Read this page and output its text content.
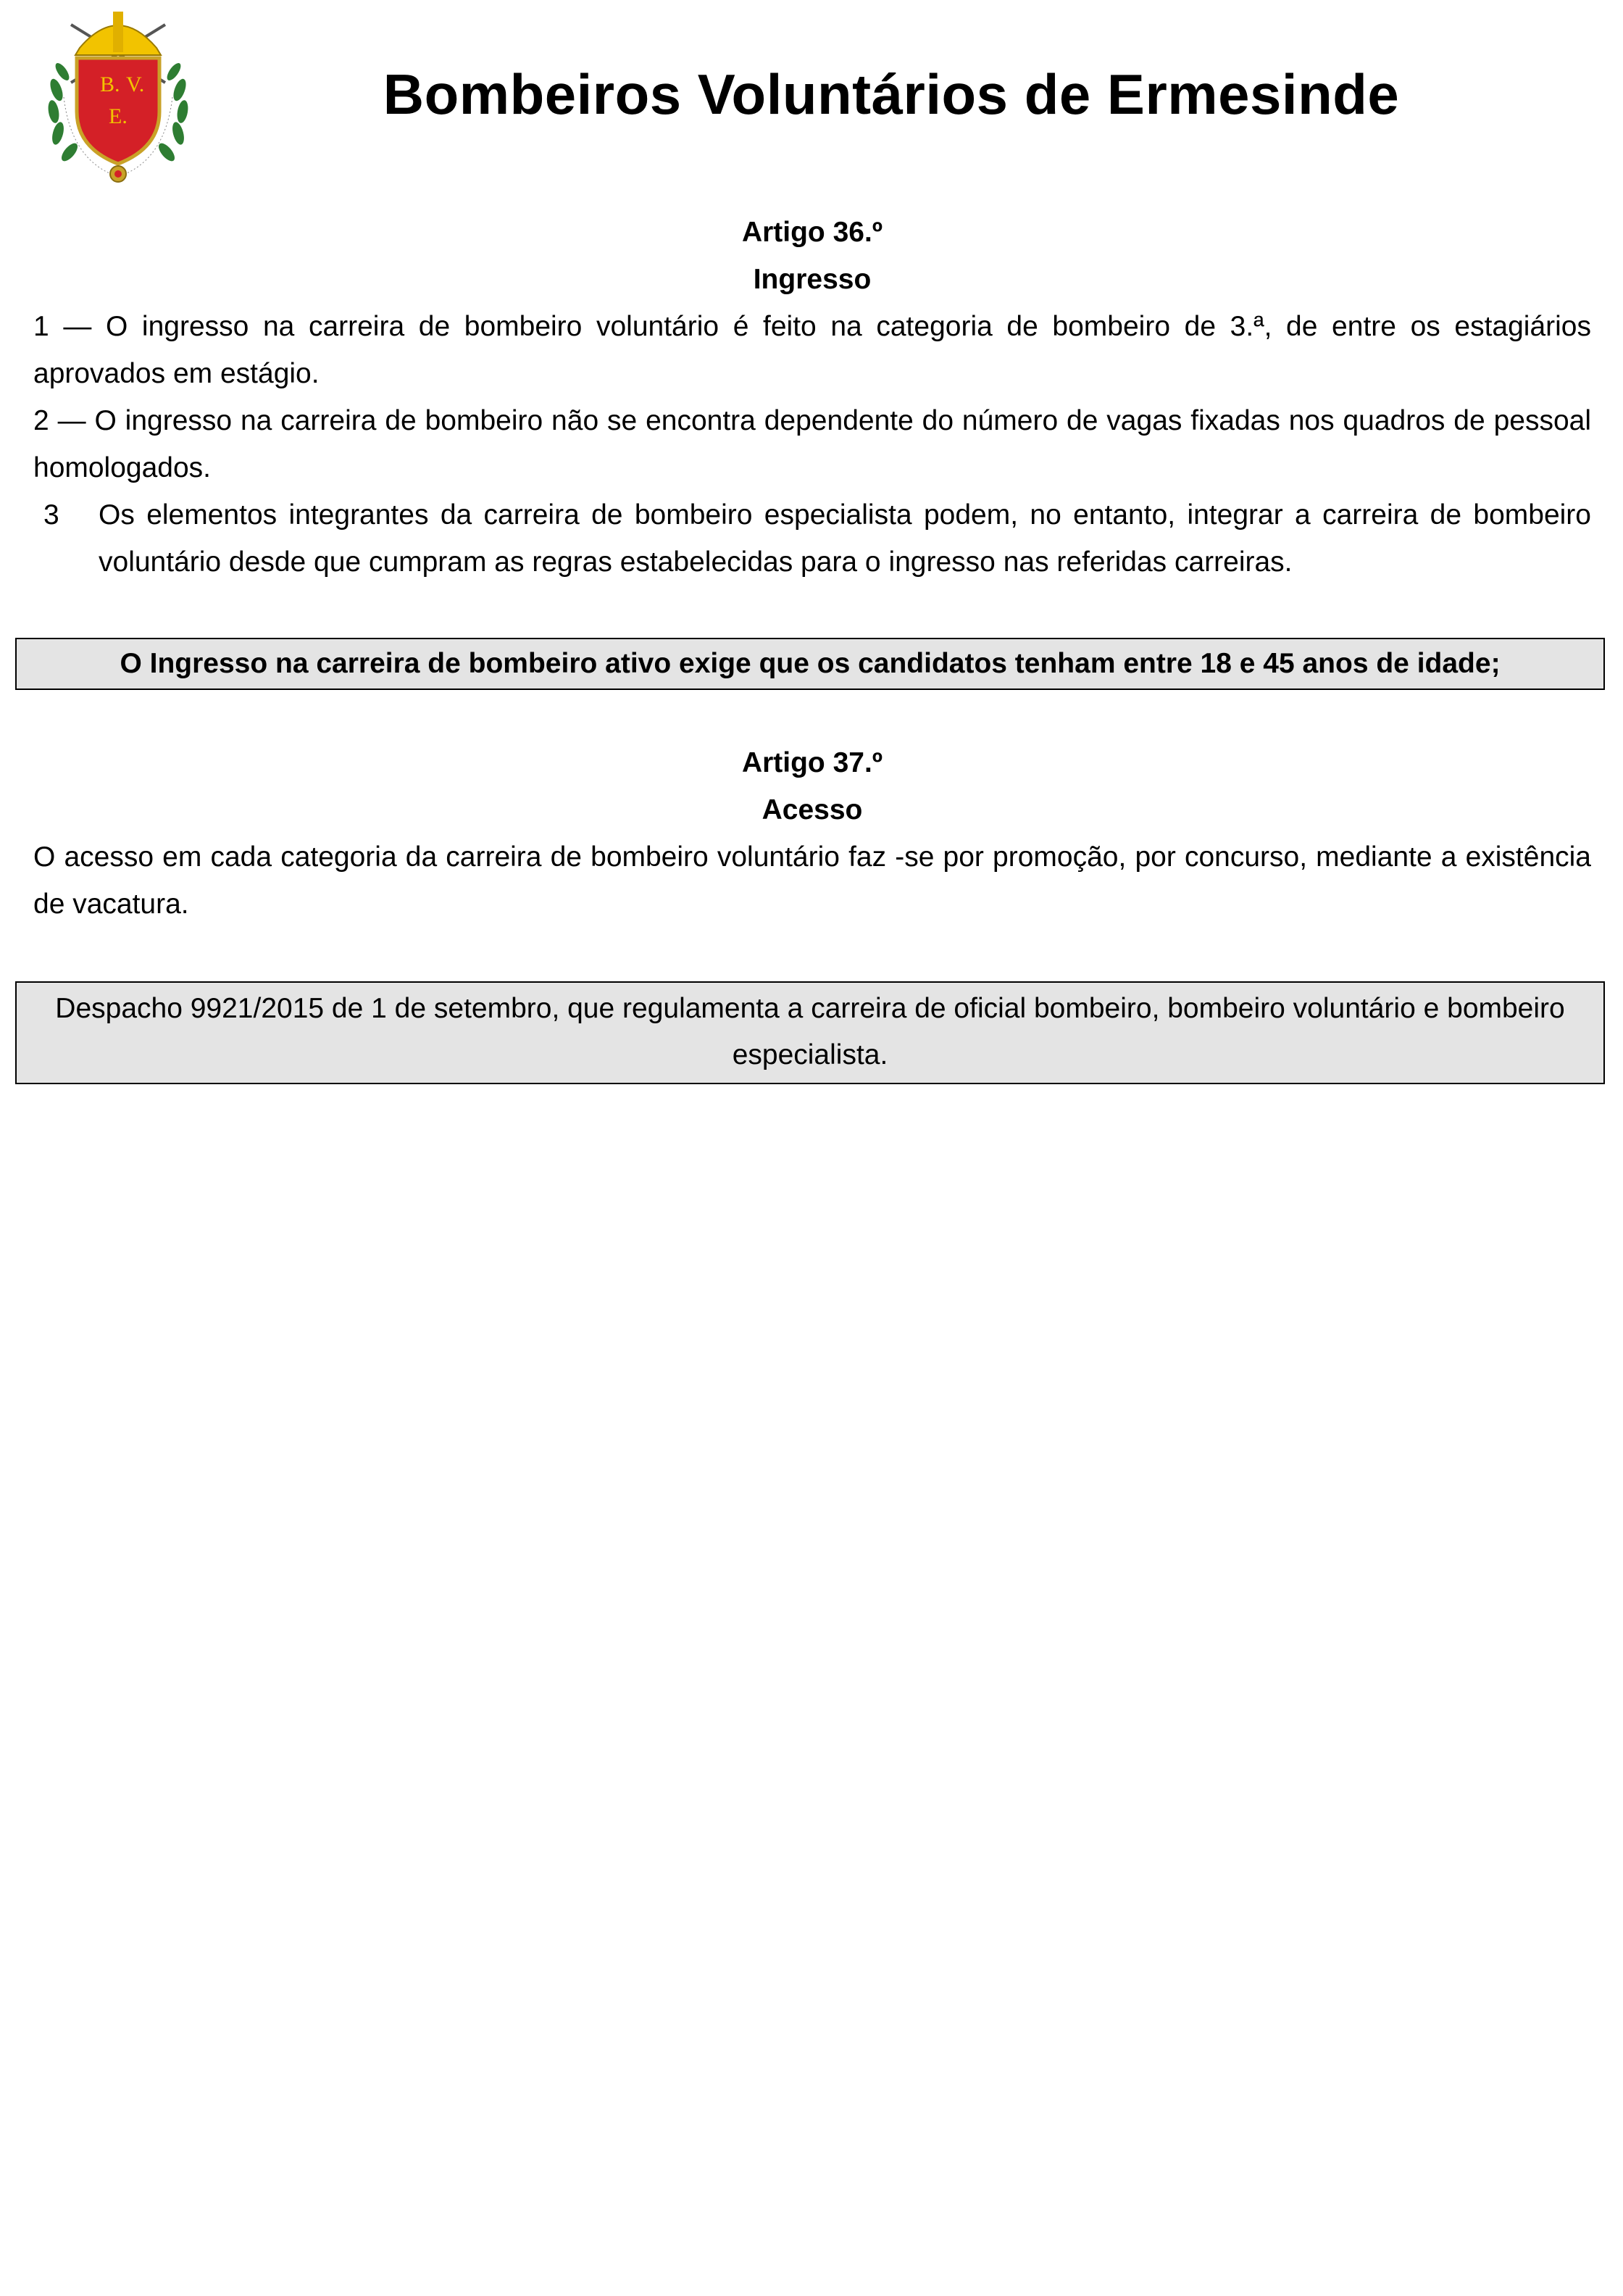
B. V.
E.	Bombeiros Voluntários de Ermesinde

Artigo 36.º

Ingresso

1 — O ingresso na carreira de bombeiro voluntário é feito na categoria de bombeiro de 3.ª, de entre os estagiários aprovados em estágio.

2 — O ingresso na carreira de bombeiro não se encontra dependente do número de vagas fixadas nos quadros de pessoal homologados.

3	Os elementos integrantes da carreira de bombeiro especialista podem, no entanto, integrar a carreira de bombeiro voluntário desde que cumpram as regras estabelecidas para o ingresso nas referidas carreiras.
O Ingresso na carreira de bombeiro ativo exige que os candidatos tenham entre 18 e 45 anos de idade;

Artigo 37.º

Acesso

O acesso em cada categoria da carreira de bombeiro voluntário faz -se por promoção, por concurso, mediante a existência de vacatura.

Despacho 9921/2015 de 1 de setembro, que regulamenta a carreira de oficial bombeiro, bombeiro voluntário e bombeiro especialista.
